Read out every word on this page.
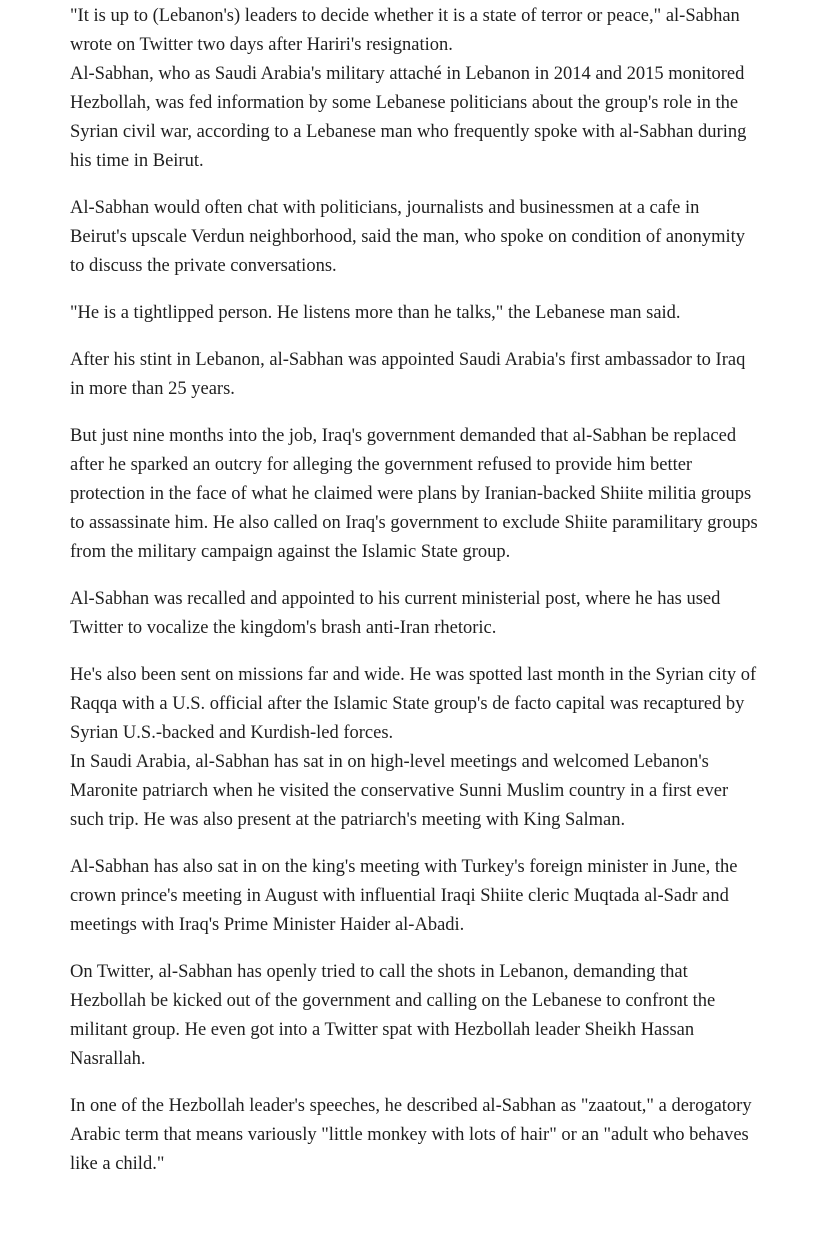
"It is up to (Lebanon's) leaders to decide whether it is a state of terror or peace," al-Sabhan wrote on Twitter two days after Hariri's resignation.

Al-Sabhan, who as Saudi Arabia's military attaché in Lebanon in 2014 and 2015 monitored Hezbollah, was fed information by some Lebanese politicians about the group's role in the Syrian civil war, according to a Lebanese man who frequently spoke with al-Sabhan during his time in Beirut.

Al-Sabhan would often chat with politicians, journalists and businessmen at a cafe in Beirut's upscale Verdun neighborhood, said the man, who spoke on condition of anonymity to discuss the private conversations.

"He is a tightlipped person. He listens more than he talks," the Lebanese man said.

After his stint in Lebanon, al-Sabhan was appointed Saudi Arabia's first ambassador to Iraq in more than 25 years.

But just nine months into the job, Iraq's government demanded that al-Sabhan be replaced after he sparked an outcry for alleging the government refused to provide him better protection in the face of what he claimed were plans by Iranian-backed Shiite militia groups to assassinate him. He also called on Iraq's government to exclude Shiite paramilitary groups from the military campaign against the Islamic State group.

Al-Sabhan was recalled and appointed to his current ministerial post, where he has used Twitter to vocalize the kingdom's brash anti-Iran rhetoric.

He's also been sent on missions far and wide. He was spotted last month in the Syrian city of Raqqa with a U.S. official after the Islamic State group's de facto capital was recaptured by Syrian U.S.-backed and Kurdish-led forces.

In Saudi Arabia, al-Sabhan has sat in on high-level meetings and welcomed Lebanon's Maronite patriarch when he visited the conservative Sunni Muslim country in a first ever such trip. He was also present at the patriarch's meeting with King Salman.

Al-Sabhan has also sat in on the king's meeting with Turkey's foreign minister in June, the crown prince's meeting in August with influential Iraqi Shiite cleric Muqtada al-Sadr and meetings with Iraq's Prime Minister Haider al-Abadi.

On Twitter, al-Sabhan has openly tried to call the shots in Lebanon, demanding that Hezbollah be kicked out of the government and calling on the Lebanese to confront the militant group. He even got into a Twitter spat with Hezbollah leader Sheikh Hassan Nasrallah.

In one of the Hezbollah leader's speeches, he described al-Sabhan as "zaatout," a derogatory Arabic term that means variously "little monkey with lots of hair" or an "adult who behaves like a child."
